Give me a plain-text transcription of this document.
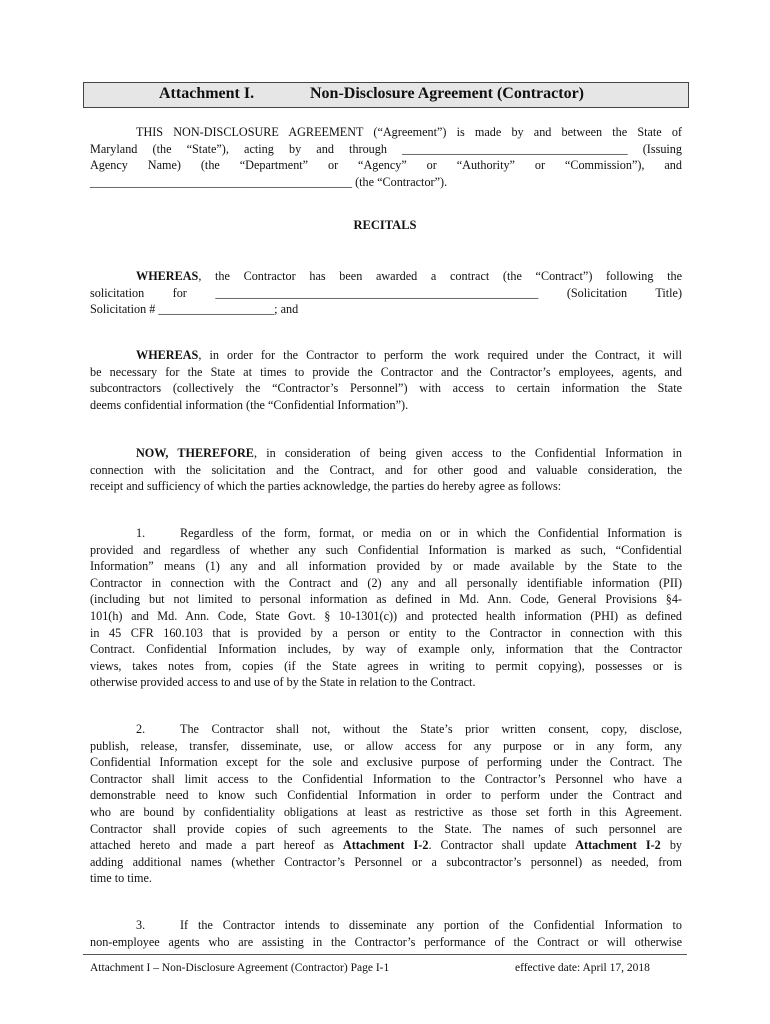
Attachment I.	Non-Disclosure Agreement (Contractor)

THIS NON-DISCLOSURE AGREEMENT (“Agreement”) is made by and between the State of
Maryland (the “State”), acting by and through _____________________________________ (Issuing
Agency Name) (the “Department” or “Agency” or “Authority” or “Commission”), and
___________________________________________ (the “Contractor”).

RECITALS

WHEREAS, the Contractor has been awarded a contract (the “Contract”) following the
solicitation for _____________________________________________________ (Solicitation Title)
Solicitation # ___________________; and

WHEREAS, in order for the Contractor to perform the work required under the Contract, it will
be necessary for the State at times to provide the Contractor and the Contractor’s employees, agents, and
subcontractors (collectively the “Contractor’s Personnel”) with access to certain information the State
deems confidential information (the “Confidential Information”).

NOW, THEREFORE, in consideration of being given access to the Confidential Information in
connection with the solicitation and the Contract, and for other good and valuable consideration, the
receipt and sufficiency of which the parties acknowledge, the parties do hereby agree as follows:

1.	Regardless of the form, format, or media on or in which the Confidential Information is
provided and regardless of whether any such Confidential Information is marked as such, “Confidential
Information” means (1) any and all information provided by or made available by the State to the
Contractor in connection with the Contract and (2) any and all personally identifiable information (PII)
(including but not limited to personal information as defined in Md. Ann. Code, General Provisions §4-
101(h) and Md. Ann. Code, State Govt. § 10-1301(c)) and protected health information (PHI) as defined
in 45 CFR 160.103 that is provided by a person or entity to the Contractor in connection with this
Contract. Confidential Information includes, by way of example only, information that the Contractor
views, takes notes from, copies (if the State agrees in writing to permit copying), possesses or is
otherwise provided access to and use of by the State in relation to the Contract.

2.	The Contractor shall not, without the State’s prior written consent, copy, disclose,
publish, release, transfer, disseminate, use, or allow access for any purpose or in any form, any
Confidential Information except for the sole and exclusive purpose of performing under the Contract. The
Contractor shall limit access to the Confidential Information to the Contractor’s Personnel who have a
demonstrable need to know such Confidential Information in order to perform under the Contract and
who are bound by confidentiality obligations at least as restrictive as those set forth in this Agreement.
Contractor shall provide copies of such agreements to the State. The names of such personnel are
attached hereto and made a part hereof as Attachment I-2. Contractor shall update Attachment I-2 by
adding additional names (whether Contractor’s Personnel or a subcontractor’s personnel) as needed, from
time to time.

3.	If the Contractor intends to disseminate any portion of the Confidential Information to
non-employee agents who are assisting in the Contractor’s performance of the Contract or will otherwise

Attachment I – Non-Disclosure Agreement (Contractor) Page I-1	effective date: April 17, 2018
